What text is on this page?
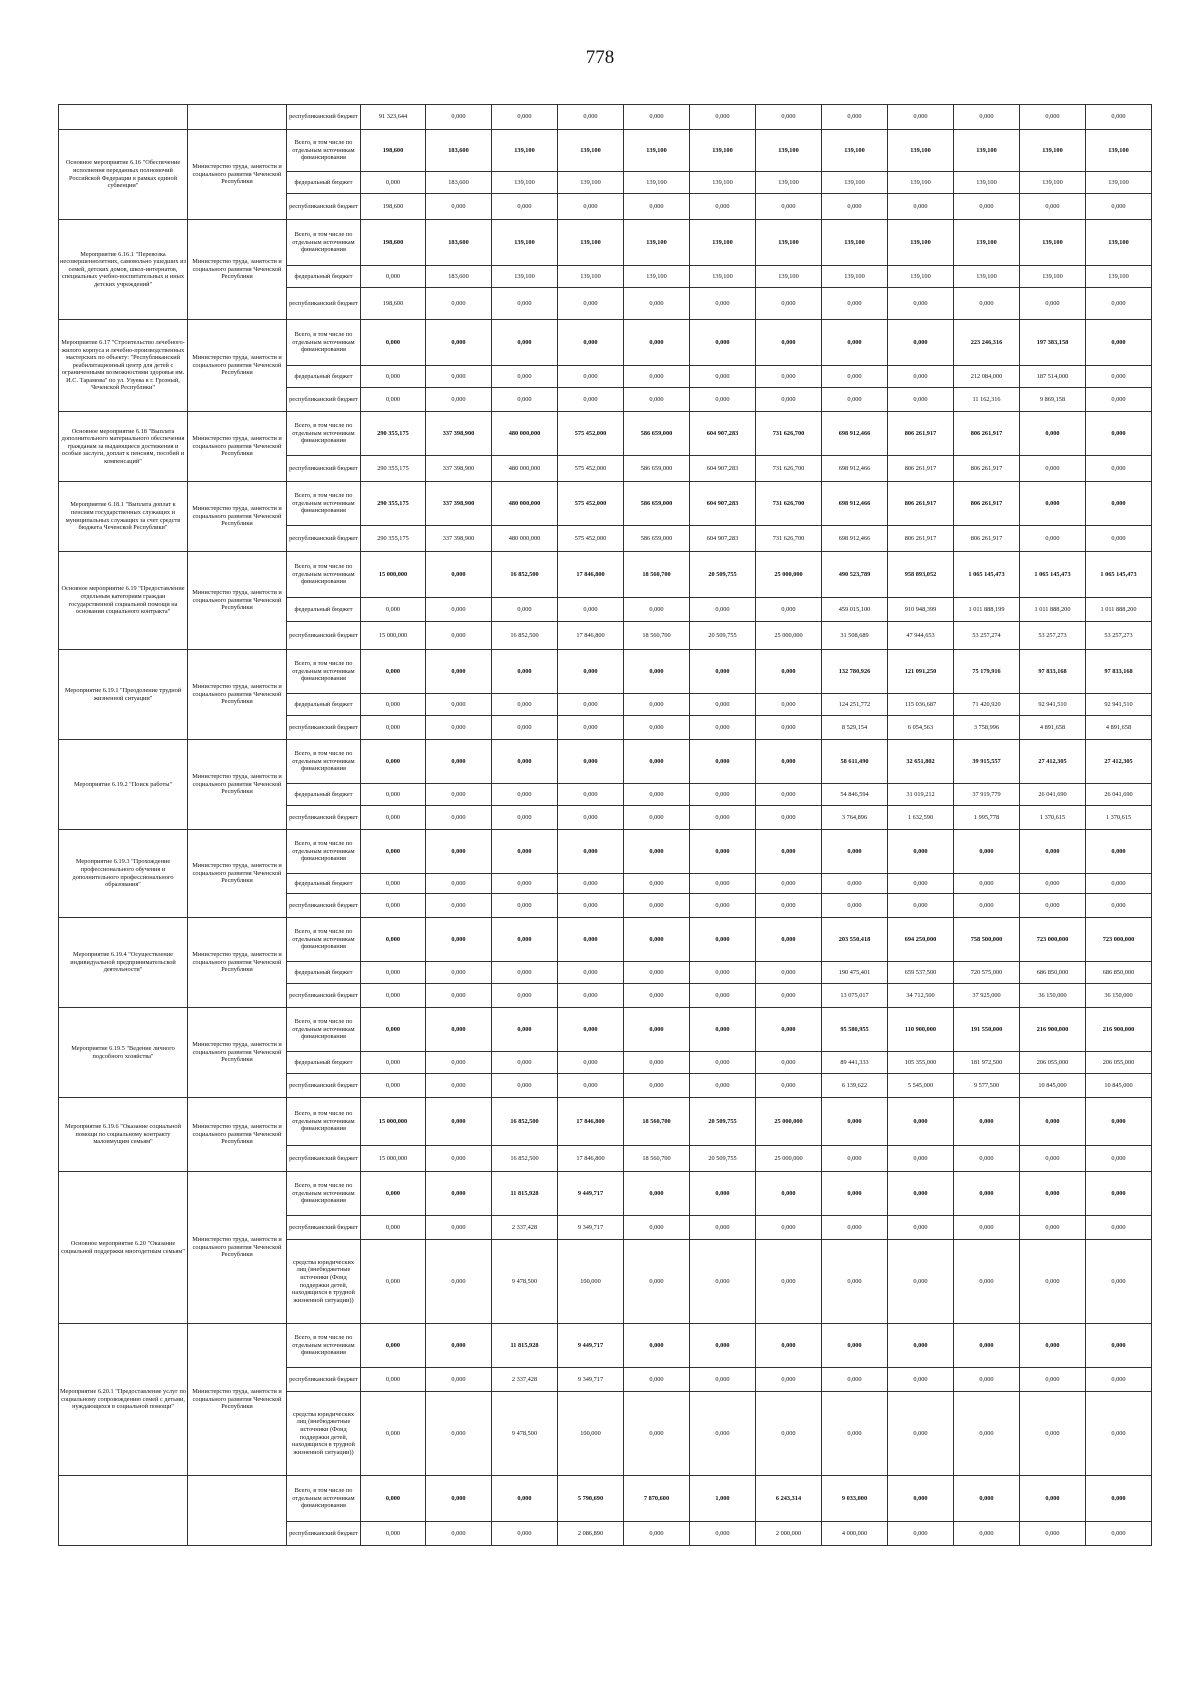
778
		республиканский бюджет	91 323,644	0,000	0,000	0,000	0,000	0,000	0,000	0,000	0,000	0,000	0,000	0,000
Основное мероприятие 6.16 "Обеспечение исполнения переданных полномочий Российской Федерации в рамках единой субвенции"	Министерство труда, занятости и социального развития Чеченской Республики	Всего, в том числе по отдельным источникам финансирования	198,600	183,600	139,100	139,100	139,100	139,100	139,100	139,100	139,100	139,100	139,100	139,100
		федеральный бюджет	0,000	183,600	139,100	139,100	139,100	139,100	139,100	139,100	139,100	139,100	139,100	139,100
		республиканский бюджет	198,600	0,000	0,000	0,000	0,000	0,000	0,000	0,000	0,000	0,000	0,000	0,000
Мероприятие 6.16.1 "Перевозка несовершеннолетних, самовольно ушедших из семей, детских домов, школ-интернатов, специальных учебно-воспитательных и иных детских учреждений"	Министерство труда, занятости и социального развития Чеченской Республики	Всего, в том числе по отдельным источникам финансирования	198,600	183,600	139,100	139,100	139,100	139,100	139,100	139,100	139,100	139,100	139,100	139,100
		федеральный бюджет	0,000	183,600	139,100	139,100	139,100	139,100	139,100	139,100	139,100	139,100	139,100	139,100
		республиканский бюджет	198,600	0,000	0,000	0,000	0,000	0,000	0,000	0,000	0,000	0,000	0,000	0,000
Мероприятие 6.17 "Строительство лечебного-жилого корпуса и лечебно-производственных мастерских по объекту: "Республиканский реабилитационный центр для детей с ограниченными возможностями здоровья им. И.С. Тарамова" по ул. Узуева в г. Грозный, Чеченской Республики"	Министерство труда, занятости и социального развития Чеченской Республики	Всего, в том числе по отдельным источникам финансирования	0,000	0,000	0,000	0,000	0,000	0,000	0,000	0,000	0,000	223 246,316	197 383,158	0,000
		федеральный бюджет	0,000	0,000	0,000	0,000	0,000	0,000	0,000	0,000	0,000	212 084,000	187 514,000	0,000
		республиканский бюджет	0,000	0,000	0,000	0,000	0,000	0,000	0,000	0,000	0,000	11 162,316	9 869,158	0,000
Основное мероприятие 6.18 "Выплата дополнительного материального обеспечения гражданам за выдающиеся достижения и особые заслуги, доплат к пенсиям, пособий и компенсаций"	Министерство труда, занятости и социального развития Чеченской Республики	Всего, в том числе по отдельным источникам финансирования	290 355,175	337 398,900	480 000,000	575 452,000	586 659,000	604 907,283	731 626,700	698 912,466	806 261,917	806 261,917	0,000	0,000
		республиканский бюджет	290 355,175	337 398,900	480 000,000	575 452,000	586 659,000	604 907,283	731 626,700	698 912,466	806 261,917	806 261,917	0,000	0,000
Мероприятие 6.18.1 "Выплата доплат к пенсиям государственных служащих и муниципальных служащих за счет средств бюджета Чеченской Республики"	Министерство труда, занятости и социального развития Чеченской Республики	Всего, в том числе по отдельным источникам финансирования	290 355,175	337 398,900	480 000,000	575 452,000	586 659,000	604 907,283	731 626,700	698 912,466	806 261,917	806 261,917	0,000	0,000
		республиканский бюджет	290 355,175	337 398,900	480 000,000	575 452,000	586 659,000	604 907,283	731 626,700	698 912,466	806 261,917	806 261,917	0,000	0,000
Основное мероприятие 6.19 "Предоставление отдельным категориям граждан государственной социальной помощи на основании социального контракта"	Министерство труда, занятости и социального развития Чеченской Республики	Всего, в том числе по отдельным источникам финансирования	15 000,000	0,000	16 852,500	17 846,800	18 560,700	20 509,755	25 000,000	490 523,789	958 893,052	1 065 145,473	1 065 145,473	1 065 145,473
		федеральный бюджет	0,000	0,000	0,000	0,000	0,000	0,000	0,000	459 015,100	910 948,399	1 011 888,199	1 011 888,200	1 011 888,200
		республиканский бюджет	15 000,000	0,000	16 852,500	17 846,800	18 560,700	20 509,755	25 000,000	31 508,689	47 944,653	53 257,274	53 257,273	53 257,273
Мероприятие 6.19.1 "Преодоление трудной жизненной ситуации"	Министерство труда, занятости и социального развития Чеченской Республики	Всего, в том числе по отдельным источникам финансирования	0,000	0,000	0,000	0,000	0,000	0,000	0,000	132 780,926	121 091,250	75 179,916	97 833,168	97 833,168
		федеральный бюджет	0,000	0,000	0,000	0,000	0,000	0,000	0,000	124 251,772	115 036,687	71 420,920	92 941,510	92 941,510
		республиканский бюджет	0,000	0,000	0,000	0,000	0,000	0,000	0,000	8 529,154	6 054,563	3 758,996	4 891,658	4 891,658
Мероприятие 6.19.2 "Поиск работы"	Министерство труда, занятости и социального развития Чеченской Республики	Всего, в том числе по отдельным источникам финансирования	0,000	0,000	0,000	0,000	0,000	0,000	0,000	58 611,490	32 651,802	39 915,557	27 412,305	27 412,305
		федеральный бюджет	0,000	0,000	0,000	0,000	0,000	0,000	0,000	54 846,594	31 019,212	37 919,779	26 041,690	26 041,690
		республиканский бюджет	0,000	0,000	0,000	0,000	0,000	0,000	0,000	3 764,896	1 632,590	1 995,778	1 370,615	1 370,615
Мероприятие 6.19.3 "Прохождение профессионального обучения и дополнительного профессионального образования"	Министерство труда, занятости и социального развития Чеченской Республики	Всего, в том числе по отдельным источникам финансирования	0,000	0,000	0,000	0,000	0,000	0,000	0,000	0,000	0,000	0,000	0,000	0,000
		федеральный бюджет	0,000	0,000	0,000	0,000	0,000	0,000	0,000	0,000	0,000	0,000	0,000	0,000
		республиканский бюджет	0,000	0,000	0,000	0,000	0,000	0,000	0,000	0,000	0,000	0,000	0,000	0,000
Мероприятие 6.19.4 "Осуществление индивидуальной предпринимательской деятельности"	Министерство труда, занятости и социального развития Чеченской Республики	Всего, в том числе по отдельным источникам финансирования	0,000	0,000	0,000	0,000	0,000	0,000	0,000	203 550,418	694 250,000	758 500,000	723 000,000	723 000,000
		федеральный бюджет	0,000	0,000	0,000	0,000	0,000	0,000	0,000	190 475,401	659 537,500	720 575,000	686 850,000	686 850,000
		республиканский бюджет	0,000	0,000	0,000	0,000	0,000	0,000	0,000	13 075,017	34 712,500	37 925,000	36 150,000	36 150,000
Мероприятие 6.19.5 "Ведение личного подсобного хозяйства"	Министерство труда, занятости и социального развития Чеченской Республики	Всего, в том числе по отдельным источникам финансирования	0,000	0,000	0,000	0,000	0,000	0,000	0,000	95 580,955	110 900,000	191 550,000	216 900,000	216 900,000
		федеральный бюджет	0,000	0,000	0,000	0,000	0,000	0,000	0,000	89 441,333	105 355,000	181 972,500	206 055,000	206 055,000
		республиканский бюджет	0,000	0,000	0,000	0,000	0,000	0,000	0,000	6 139,622	5 545,000	9 577,500	10 845,000	10 845,000
Мероприятие 6.19.6 "Оказание социальной помощи по социальному контракту малоимущим семьям"	Министерство труда, занятости и социального развития Чеченской Республики	Всего, в том числе по отдельным источникам финансирования	15 000,000	0,000	16 852,500	17 846,800	18 560,700	20 509,755	25 000,000	0,000	0,000	0,000	0,000	0,000
		республиканский бюджет	15 000,000	0,000	16 852,500	17 846,800	18 560,700	20 509,755	25 000,000	0,000	0,000	0,000	0,000	0,000
Основное мероприятие 6.20 "Оказание социальной поддержки многодетным семьям"	Министерство труда, занятости и социального развития Чеченской Республики	Всего, в том числе по отдельным источникам финансирования	0,000	0,000	11 815,928	9 449,717	0,000	0,000	0,000	0,000	0,000	0,000	0,000	0,000
		республиканский бюджет	0,000	0,000	2 337,428	9 349,717	0,000	0,000	0,000	0,000	0,000	0,000	0,000	0,000
		средства юридических лиц (внебюджетные источники (Фонд поддержки детей, находящихся в трудной жизненной ситуации))	0,000	0,000	9 478,500	100,000	0,000	0,000	0,000	0,000	0,000	0,000	0,000	0,000
Мероприятие 6.20.1 "Предоставление услуг по социальному сопровождению семей с детьми, нуждающихся в социальной помощи"	Министерство труда, занятости и социального развития Чеченской Республики	Всего, в том числе по отдельным источникам финансирования	0,000	0,000	11 815,928	9 449,717	0,000	0,000	0,000	0,000	0,000	0,000	0,000	0,000
		республиканский бюджет	0,000	0,000	2 337,428	9 349,717	0,000	0,000	0,000	0,000	0,000	0,000	0,000	0,000
		средства юридических лиц (внебюджетные источники (Фонд поддержки детей, находящихся в трудной жизненной ситуации))	0,000	0,000	9 478,500	100,000	0,000	0,000	0,000	0,000	0,000	0,000	0,000	0,000
		Всего, в том числе по отдельным источникам финансирования	0,000	0,000	0,000	5 790,690	7 870,600	1,000	6 243,314	9 033,000	0,000	0,000	0,000	0,000
		республиканский бюджет	0,000	0,000	0,000	2 086,890	0,000	0,000	2 000,000	4 000,000	0,000	0,000	0,000	0,000
